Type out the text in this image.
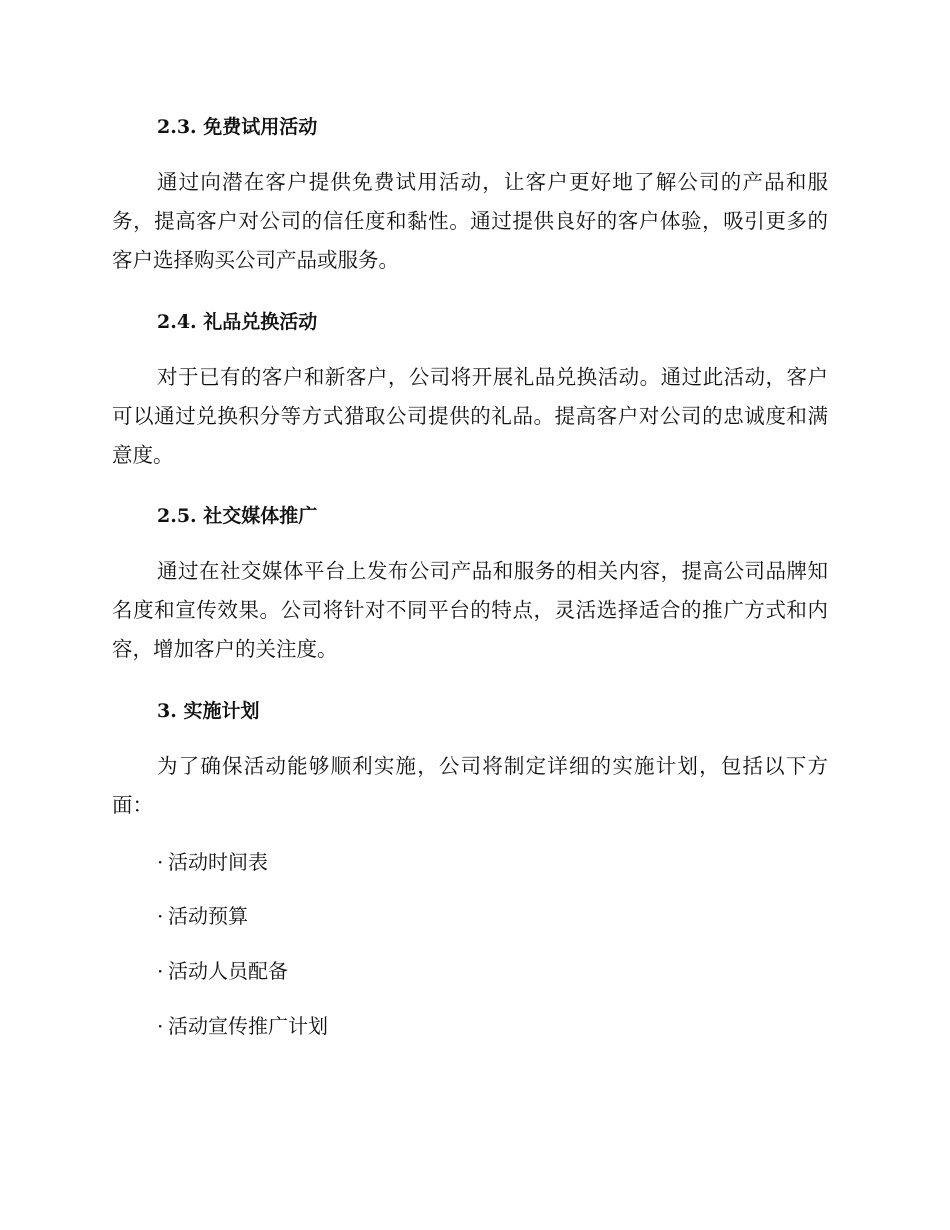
2.3. 免费试用活动

通过向潜在客户提供免费试用活动，让客户更好地了解公司的产品和服务，提高客户对公司的信任度和黏性。通过提供良好的客户体验，吸引更多的客户选择购买公司产品或服务。

2.4. 礼品兑换活动

对于已有的客户和新客户，公司将开展礼品兑换活动。通过此活动，客户可以通过兑换积分等方式猎取公司提供的礼品。提高客户对公司的忠诚度和满意度。

2.5. 社交媒体推广

通过在社交媒体平台上发布公司产品和服务的相关内容，提高公司品牌知名度和宣传效果。公司将针对不同平台的特点，灵活选择适合的推广方式和内容，增加客户的关注度。

3. 实施计划

为了确保活动能够顺利实施，公司将制定详细的实施计划，包括以下方面：

· 活动时间表
· 活动预算
· 活动人员配备
· 活动宣传推广计划
